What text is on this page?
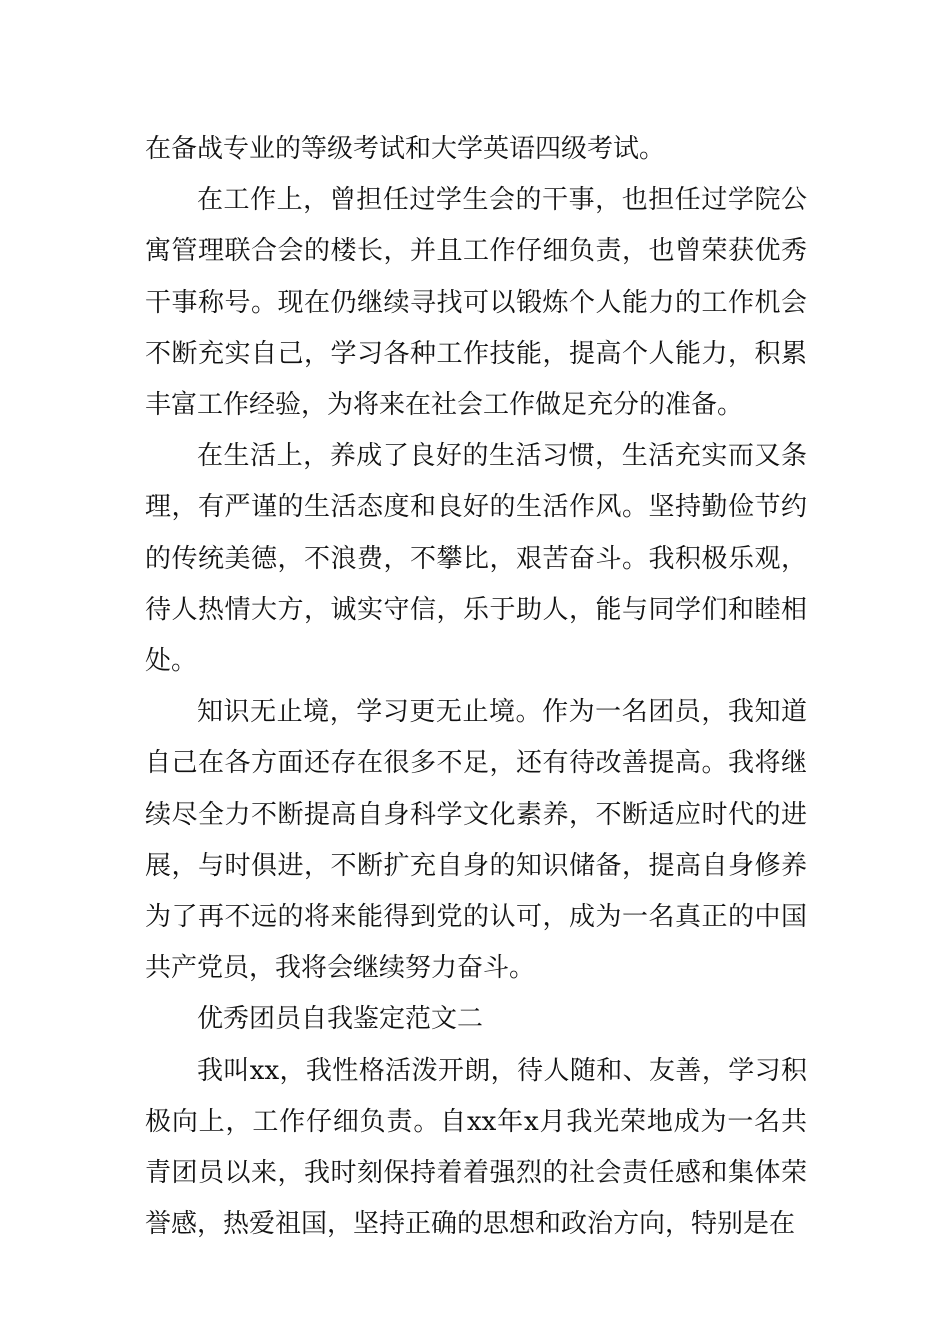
在备战专业的等级考试和大学英语四级考试。

在工作上，曾担任过学生会的干事，也担任过学院公寓管理联合会的楼长，并且工作仔细负责，也曾荣获优秀干事称号。现在仍继续寻找可以锻炼个人能力的工作机会不断充实自己，学习各种工作技能，提高个人能力，积累丰富工作经验，为将来在社会工作做足充分的准备。

在生活上，养成了良好的生活习惯，生活充实而又条理，有严谨的生活态度和良好的生活作风。坚持勤俭节约的传统美德，不浪费，不攀比，艰苦奋斗。我积极乐观，待人热情大方，诚实守信，乐于助人，能与同学们和睦相处。

知识无止境，学习更无止境。作为一名团员，我知道自己在各方面还存在很多不足，还有待改善提高。我将继续尽全力不断提高自身科学文化素养，不断适应时代的进展，与时俱进，不断扩充自身的知识储备，提高自身修养为了再不远的将来能得到党的认可，成为一名真正的中国共产党员，我将会继续努力奋斗。

优秀团员自我鉴定范文二

我叫xx，我性格活泼开朗，待人随和、友善，学习积极向上，工作仔细负责。自xx年x月我光荣地成为一名共青团员以来，我时刻保持着着强烈的社会责任感和集体荣誉感，热爱祖国，坚持正确的思想和政治方向，特别是在
